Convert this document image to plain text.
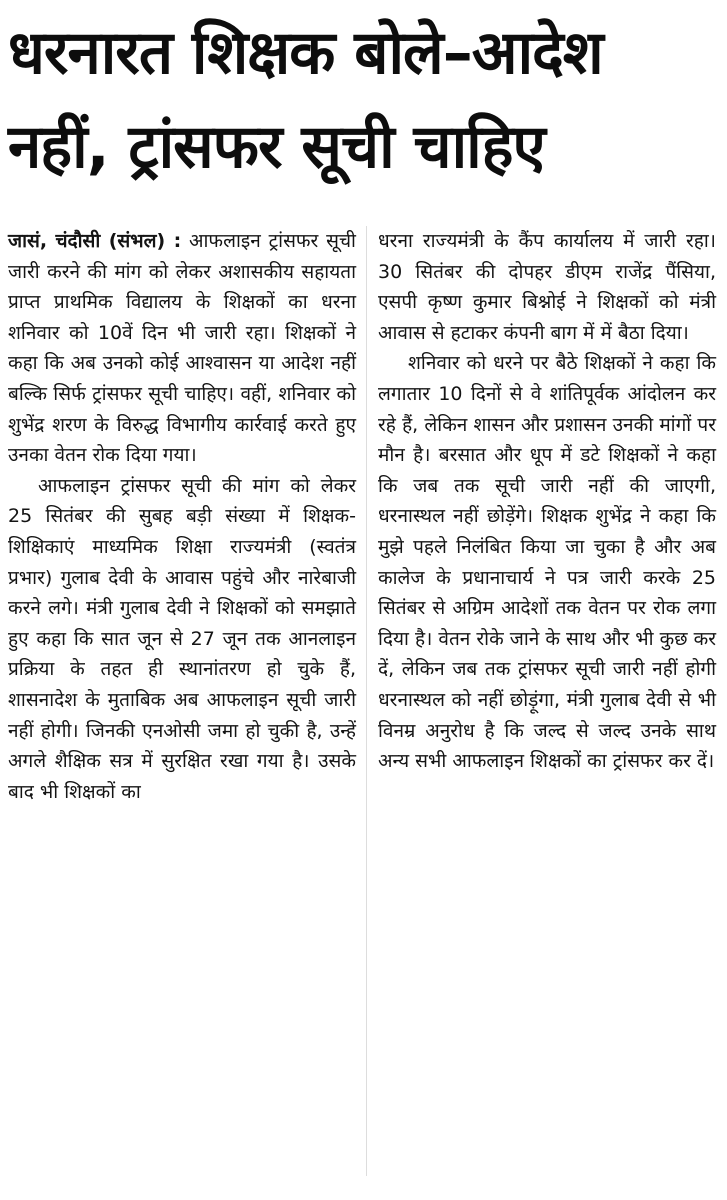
धरनारत शिक्षक बोले–आदेश
नहीं, ट्रांसफर सूची चाहिए

जासं, चंदौसी (संभल) : आफलाइन ट्रांसफर सूची जारी करने की मांग को लेकर अशासकीय सहायता प्राप्त प्राथमिक विद्यालय के शिक्षकों का धरना शनिवार को 10वें दिन भी जारी रहा। शिक्षकों ने कहा कि अब उनको कोई आश्वासन या आदेश नहीं बल्कि सिर्फ ट्रांसफर सूची चाहिए। वहीं, शनिवार को शुभेंद्र शरण के विरुद्ध विभागीय कार्रवाई करते हुए उनका वेतन रोक दिया गया।

आफलाइन ट्रांसफर सूची की मांग को लेकर 25 सितंबर की सुबह बड़ी संख्या में शिक्षक-शिक्षिकाएं माध्यमिक शिक्षा राज्यमंत्री (स्वतंत्र प्रभार) गुलाब देवी के आवास पहुंचे और नारेबाजी करने लगे। मंत्री गुलाब देवी ने शिक्षकों को समझाते हुए कहा कि सात जून से 27 जून तक आनलाइन प्रक्रिया के तहत ही स्थानांतरण हो चुके हैं, शासनादेश के मुताबिक अब आफलाइन सूची जारी नहीं होगी। जिनकी एनओसी जमा हो चुकी है, उन्हें अगले शैक्षिक सत्र में सुरक्षित रखा गया है। उसके बाद भी शिक्षकों का

धरना राज्यमंत्री के कैंप कार्यालय में जारी रहा। 30 सितंबर की दोपहर डीएम राजेंद्र पैंसिया, एसपी कृष्ण कुमार बिश्नोई ने शिक्षकों को मंत्री आवास से हटाकर कंपनी बाग में में बैठा दिया।

शनिवार को धरने पर बैठे शिक्षकों ने कहा कि लगातार 10 दिनों से वे शांतिपूर्वक आंदोलन कर रहे हैं, लेकिन शासन और प्रशासन उनकी मांगों पर मौन है। बरसात और धूप में डटे शिक्षकों ने कहा कि जब तक सूची जारी नहीं की जाएगी, धरनास्थल नहीं छोड़ेंगे। शिक्षक शुभेंद्र ने कहा कि मुझे पहले निलंबित किया जा चुका है और अब कालेज के प्रधानाचार्य ने पत्र जारी करके 25 सितंबर से अग्रिम आदेशों तक वेतन पर रोक लगा दिया है। वेतन रोके जाने के साथ और भी कुछ कर दें, लेकिन जब तक ट्रांसफर सूची जारी नहीं होगी धरनास्थल को नहीं छोड़ूंगा, मंत्री गुलाब देवी से भी विनम्र अनुरोध है कि जल्द से जल्द उनके साथ अन्य सभी आफलाइन शिक्षकों का ट्रांसफर कर दें।
